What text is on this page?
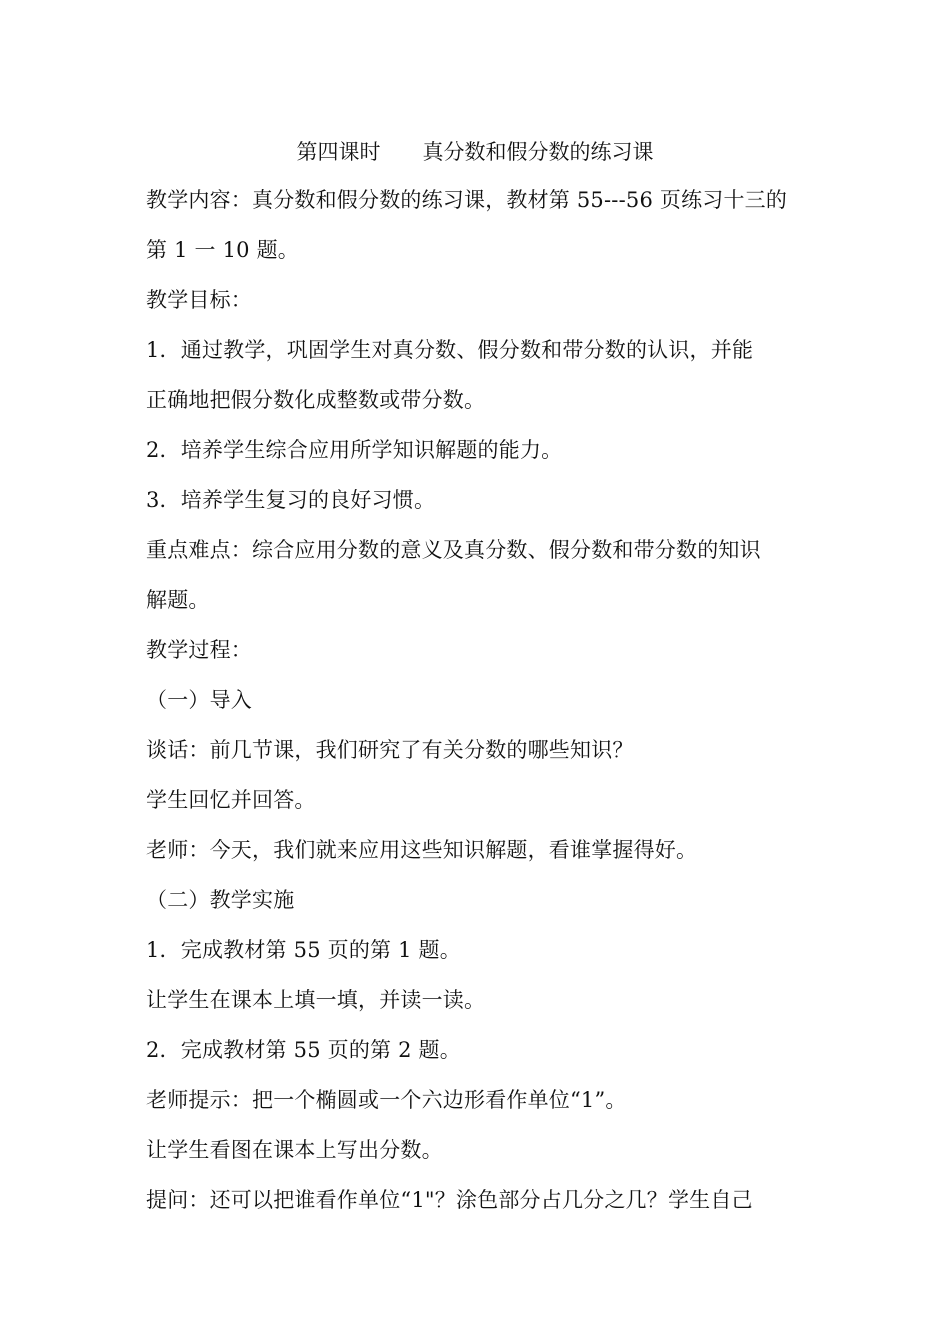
第四课时　　真分数和假分数的练习课
教学内容：真分数和假分数的练习课，教材第 55---56 页练习十三的
第 1 一 10 题。
教学目标：
1．通过教学，巩固学生对真分数、假分数和带分数的认识，并能
正确地把假分数化成整数或带分数。
2．培养学生综合应用所学知识解题的能力。
3．培养学生复习的良好习惯。
重点难点：综合应用分数的意义及真分数、假分数和带分数的知识
解题。
教学过程：
（一）导入
谈话：前几节课，我们研究了有关分数的哪些知识？
学生回忆并回答。
老师：今天，我们就来应用这些知识解题，看谁掌握得好。
（二）教学实施
1．完成教材第 55 页的第 1 题。
让学生在课本上填一填，并读一读。
2．完成教材第 55 页的第 2 题。
老师提示：把一个椭圆或一个六边形看作单位“1”。
让学生看图在课本上写出分数。
提问：还可以把谁看作单位“1"？涂色部分占几分之几？学生自己
